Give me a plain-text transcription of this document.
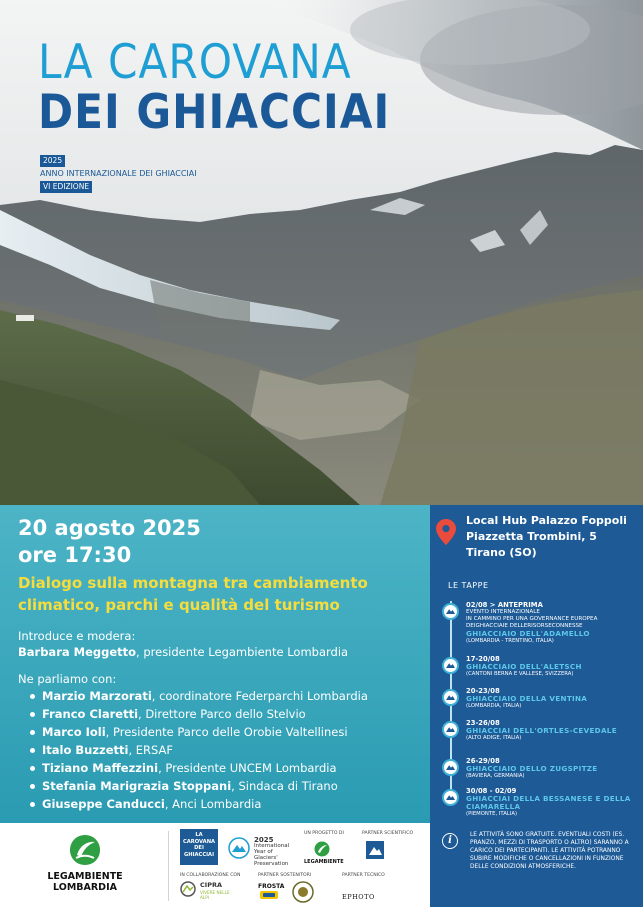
LA CAROVANA
DEI GHIACCIAI
2025
ANNO INTERNAZIONALE DEI GHIACCIAI
VI EDIZIONE
20 agosto 2025
ore 17:30
Dialogo sulla montagna tra cambiamento climatico, parchi e qualità del turismo
Introduce e modera:
Barbara Meggetto, presidente Legambiente Lombardia
Ne parliamo con:
Marzio Marzorati, coordinatore Federparchi Lombardia
Franco Claretti, Direttore Parco dello Stelvio
Marco Ioli, Presidente Parco delle Orobie Valtellinesi
Italo Buzzetti, ERSAF
Tiziano Maffezzini, Presidente UNCEM Lombardia
Stefania Marigrazia Stoppani, Sindaca di Tirano
Giuseppe Canducci, Anci Lombardia
Local Hub Palazzo Foppoli
Piazzetta Trombini, 5
Tirano (SO)
LE TAPPE
02/08 > ANTEPRIMA
EVENTO INTERNAZIONALE
IN CAMMINO PER UNA GOVERNANCE EUROPEA DEIGHIACCIAIE DELLERISORSECONNESSE
GHIACCIAIO DELL'ADAMELLO
(LOMBARDIA - TRENTINO, ITALIA)
17-20/08
GHIACCIAIO DELL'ALETSCH
(CANTONI BERNA E VALLESE, SVIZZERA)
20-23/08
GHIACCIAIO DELLA VENTINA
(LOMBARDIA, ITALIA)
23-26/08
GHIACCIAI DELL'ORTLES-CEVEDALE
(ALTO ADIGE, ITALIA)
26-29/08
GHIACCIAIO DELLO ZUGSPITZE
(BAVIERA, GERMANIA)
30/08 - 02/09
GHIACCIAI DELLA BESSANESE E DELLA CIAMARELLA
(PIEMONTE, ITALIA)
i	LE ATTIVITÀ SONO GRATUITE. EVENTUALI COSTI (ES. PRANZO, MEZZI DI TRASPORTO O ALTRO) SARANNO A CARICO DEI PARTECIPANTI. LE ATTIVITÀ POTRANNO SUBIRE MODIFICHE O CANCELLAZIONI IN FUNZIONE DELLE CONDIZIONI ATMOSFERICHE.
LEGAMBIENTE
LOMBARDIA
LA CAROVANA
DEI GHIACCIAI
2025
International Year of Glaciers' Preservation
UN PROGETTO DI
LEGAMBIENTE
PARTNER SCIENTIFICO
IN COLLABORAZIONE CON
CIPRA
VIVERE NELLE ALPI
PARTNER SOSTENITORI
FROSTA
PARTNER TECNICO
EPHOTO
